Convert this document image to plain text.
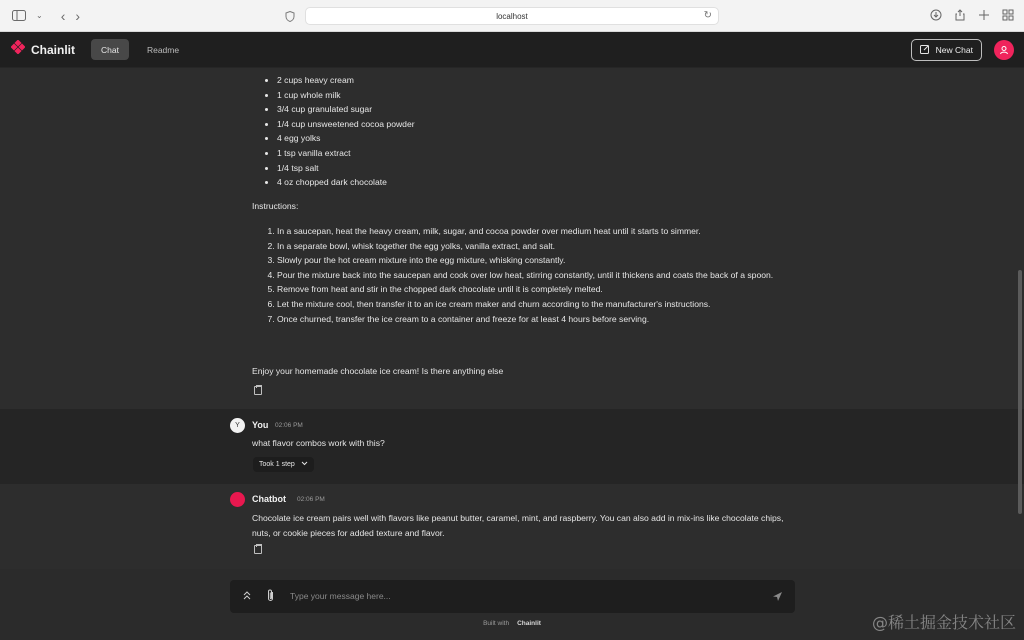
⌄ ‹ ›	localhost	↻
Chainlit	Chat	Readme	New Chat
• 2 cups heavy cream
• 1 cup whole milk
• 3/4 cup granulated sugar
• 1/4 cup unsweetened cocoa powder
• 4 egg yolks
• 1 tsp vanilla extract
• 1/4 tsp salt
• 4 oz chopped dark chocolate
Instructions:
1. In a saucepan, heat the heavy cream, milk, sugar, and cocoa powder over medium heat until it starts to simmer.
2. In a separate bowl, whisk together the egg yolks, vanilla extract, and salt.
3. Slowly pour the hot cream mixture into the egg mixture, whisking constantly.
4. Pour the mixture back into the saucepan and cook over low heat, stirring constantly, until it thickens and coats the back of a spoon.
5. Remove from heat and stir in the chopped dark chocolate until it is completely melted.
6. Let the mixture cool, then transfer it to an ice cream maker and churn according to the manufacturer's instructions.
7. Once churned, transfer the ice cream to a container and freeze for at least 4 hours before serving.
Enjoy your homemade chocolate ice cream! Is there anything else
Y	You 02:06 PM
what flavor combos work with this?
Took 1 step
Chatbot 02:06 PM
Chocolate ice cream pairs well with flavors like peanut butter, caramel, mint, and raspberry. You can also add in mix-ins like chocolate chips, nuts, or cookie pieces for added texture and flavor.
Type your message here...
Built with Chainlit	@稀土掘金技术社区
